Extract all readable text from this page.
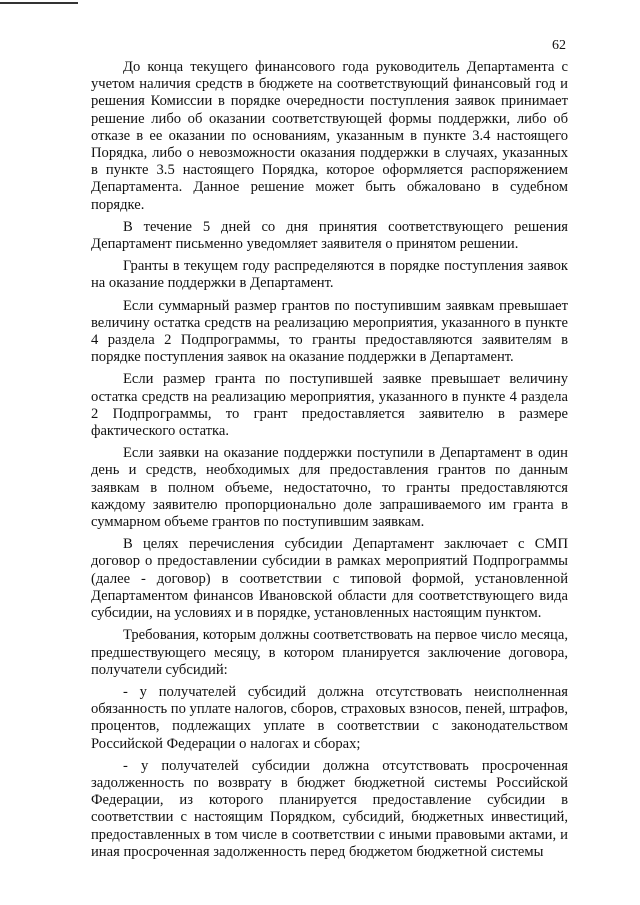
62

До конца текущего финансового года руководитель Департамента с учетом наличия средств в бюджете на соответствующий финансовый год и решения Комиссии в порядке очередности поступления заявок принимает решение либо об оказании соответствующей формы поддержки, либо об отказе в ее оказании по основаниям, указанным в пункте 3.4 настоящего Порядка, либо о невозможности оказания поддержки в случаях, указанных в пункте 3.5 настоящего Порядка, которое оформляется распоряжением Департамента. Данное решение может быть обжаловано в судебном порядке.

В течение 5 дней со дня принятия соответствующего решения Департамент письменно уведомляет заявителя о принятом решении.

Гранты в текущем году распределяются в порядке поступления заявок на оказание поддержки в Департамент.

Если суммарный размер грантов по поступившим заявкам превышает величину остатка средств на реализацию мероприятия, указанного в пункте 4 раздела 2 Подпрограммы, то гранты предоставляются заявителям в порядке поступления заявок на оказание поддержки в Департамент.

Если размер гранта по поступившей заявке превышает величину остатка средств на реализацию мероприятия, указанного в пункте 4 раздела 2 Подпрограммы, то грант предоставляется заявителю в размере фактического остатка.

Если заявки на оказание поддержки поступили в Департамент в один день и средств, необходимых для предоставления грантов по данным заявкам в полном объеме, недостаточно, то гранты предоставляются каждому заявителю пропорционально доле запрашиваемого им гранта в суммарном объеме грантов по поступившим заявкам.

В целях перечисления субсидии Департамент заключает с СМП договор о предоставлении субсидии в рамках мероприятий Подпрограммы (далее - договор) в соответствии с типовой формой, установленной Департаментом финансов Ивановской области для соответствующего вида субсидии, на условиях и в порядке, установленных настоящим пунктом.

Требования, которым должны соответствовать на первое число месяца, предшествующего месяцу, в котором планируется заключение договора, получатели субсидий:

- у получателей субсидий должна отсутствовать неисполненная обязанность по уплате налогов, сборов, страховых взносов, пеней, штрафов, процентов, подлежащих уплате в соответствии с законодательством Российской Федерации о налогах и сборах;

- у получателей субсидии должна отсутствовать просроченная задолженность по возврату в бюджет бюджетной системы Российской Федерации, из которого планируется предоставление субсидии в соответствии с настоящим Порядком, субсидий, бюджетных инвестиций, предоставленных в том числе в соответствии с иными правовыми актами, и иная просроченная задолженность перед бюджетом бюджетной системы
